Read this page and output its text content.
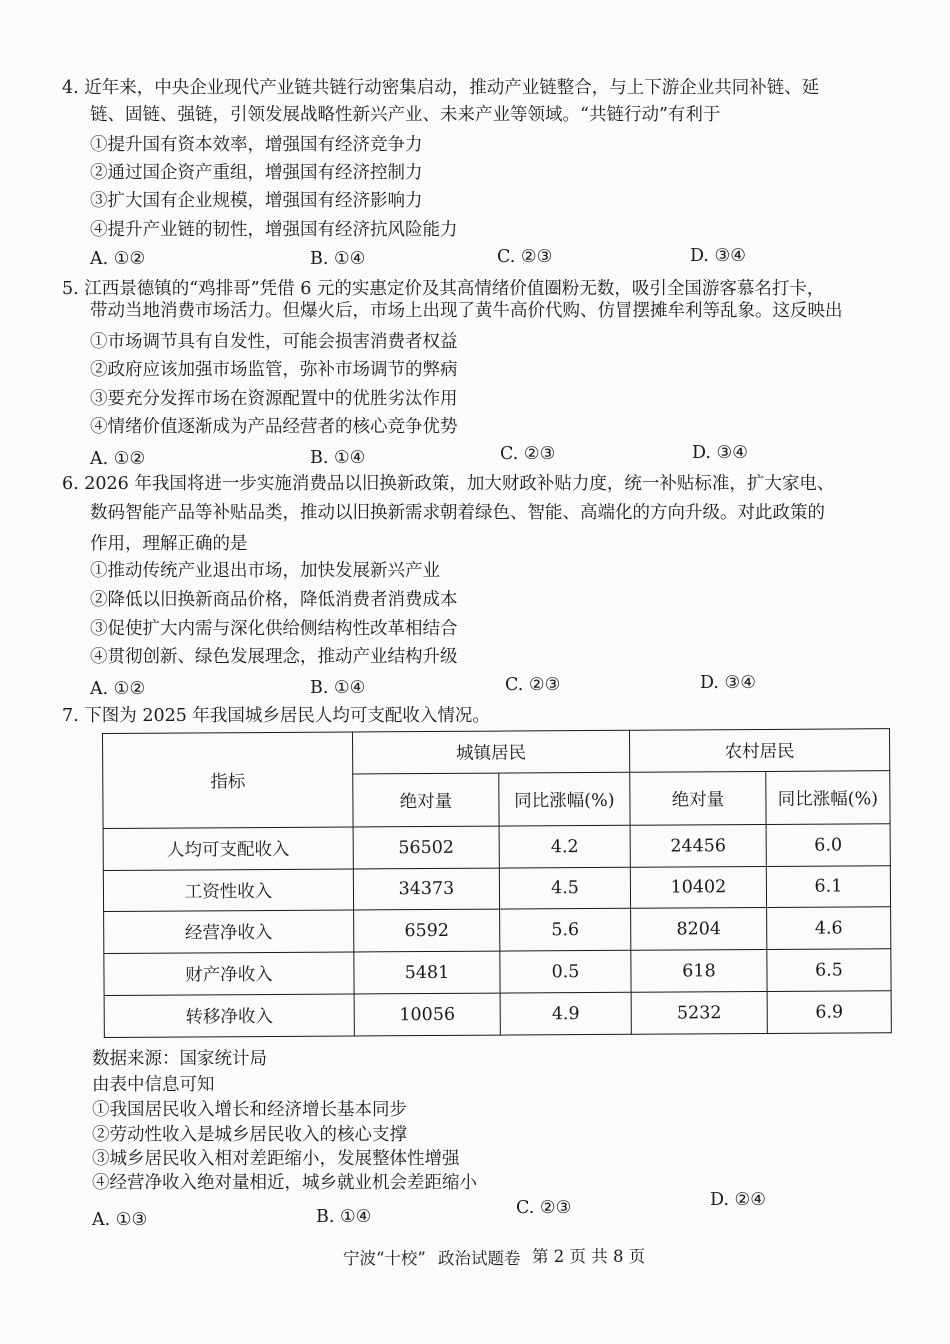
4. 近年来，中央企业现代产业链共链行动密集启动，推动产业链整合，与上下游企业共同补链、延
链、固链、强链，引领发展战略性新兴产业、未来产业等领域。“共链行动”有利于
①提升国有资本效率，增强国有经济竞争力
②通过国企资产重组，增强国有经济控制力
③扩大国有企业规模，增强国有经济影响力
④提升产业链的韧性，增强国有经济抗风险能力
A. ①②	B. ①④	C. ②③	D. ③④
5. 江西景德镇的“鸡排哥”凭借 6 元的实惠定价及其高情绪价值圈粉无数，吸引全国游客慕名打卡，
带动当地消费市场活力。但爆火后，市场上出现了黄牛高价代购、仿冒摆摊牟利等乱象。这反映出
①市场调节具有自发性，可能会损害消费者权益
②政府应该加强市场监管，弥补市场调节的弊病
③要充分发挥市场在资源配置中的优胜劣汰作用
④情绪价值逐渐成为产品经营者的核心竞争优势
A. ①②	B. ①④	C. ②③	D. ③④
6. 2026 年我国将进一步实施消费品以旧换新政策，加大财政补贴力度，统一补贴标准，扩大家电、
数码智能产品等补贴品类，推动以旧换新需求朝着绿色、智能、高端化的方向升级。对此政策的
作用，理解正确的是
①推动传统产业退出市场，加快发展新兴产业
②降低以旧换新商品价格，降低消费者消费成本
③促使扩大内需与深化供给侧结构性改革相结合
④贯彻创新、绿色发展理念，推动产业结构升级
A. ①②	B. ①④	C. ②③	D. ③④
7. 下图为 2025 年我国城乡居民人均可支配收入情况。
指标	城镇居民		农村居民	
	绝对量	同比涨幅(%)	绝对量	同比涨幅(%)
人均可支配收入	56502	4.2	24456	6.0
工资性收入	34373	4.5	10402	6.1
经营净收入	6592	5.6	8204	4.6
财产净收入	5481	0.5	618	6.5
转移净收入	10056	4.9	5232	6.9
数据来源：国家统计局
由表中信息可知
①我国居民收入增长和经济增长基本同步
②劳动性收入是城乡居民收入的核心支撑
③城乡居民收入相对差距缩小，发展整体性增强
④经营净收入绝对量相近，城乡就业机会差距缩小
A. ①③	B. ①④	C. ②③	D. ②④
宁波“十校” 政治试题卷 第 2 页 共 8 页
